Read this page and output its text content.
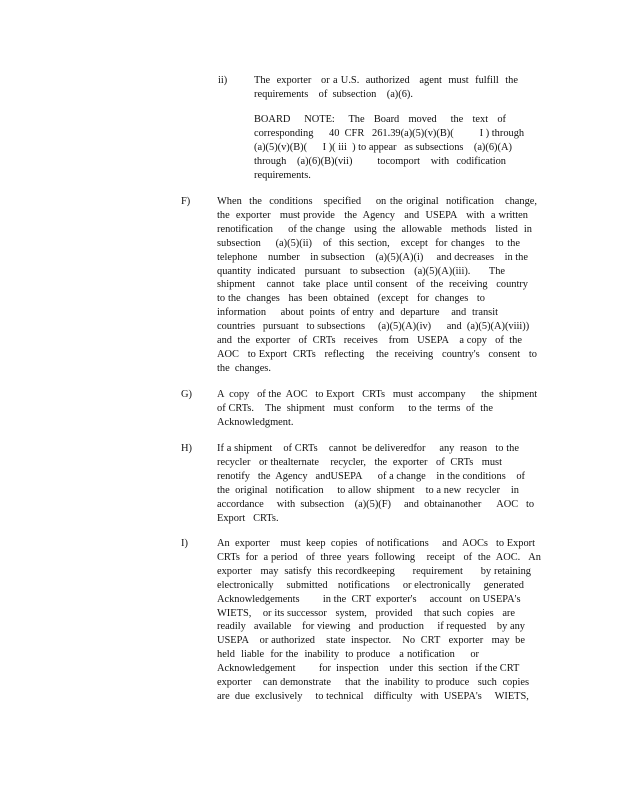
ii)	The  exporter   or a U.S.  authorized   agent  must  fulfill  the
requirements    of  subsection    (a)(6).
BOARD   NOTE:   The  Board  moved   the  text  of
corresponding      40  CFR   261.39(a)(5)(v)(B)(          I ) through
(a)(5)(v)(B)(      I )( iii  ) to appear   as subsections    (a)(6)(A)
through   (a)(6)(B)(vii)       tocomport   with  codification
requirements.
F)	When  the  conditions   specified    on the original  notification   change,
the  exporter   must provide   the  Agency   and  USEPA   with  a written
renotification     of the change   using  the  allowable   methods   listed  in
subsection    (a)(5)(ii)   of  this section,   except  for changes   to the
telephone    number    in subsection    (a)(5)(A)(i)     and decreases    in the
quantity  indicated   pursuant   to subsection   (a)(5)(A)(iii).      The
shipment    cannot   take  place  until consent   of  the  receiving   country
to the  changes   has  been  obtained   (except   for  changes   to
information     about  points  of entry  and  departure    and  transit
countries   pursuant   to subsections     (a)(5)(A)(iv)      and  (a)(5)(A)(viii))
and  the  exporter   of  CRTs   receives    from   USEPA    a copy   of  the
AOC   to Export  CRTs   reflecting    the  receiving   country's   consent   to
the  changes.
G) A  copy   of the  AOC   to Export   CRTs   must  accompany      the  shipment
of CRTs.    The  shipment   must  conform     to the  terms  of  the
Acknowledgment.
H) If a shipment    of CRTs    cannot  be deliveredfor     any  reason   to the
recycler   or thealternate    recycler,   the  exporter   of  CRTs   must
renotify   the  Agency   andUSEPA      of a change    in the conditions    of
the  original   notification     to allow  shipment    to a new  recycler    in
accordance     with  subsection    (a)(5)(F)     and  obtainanother      AOC   to
Export   CRTs.
I)	An  exporter    must  keep  copies   of notifications     and  AOCs   to Export
CRTs  for  a period   of  three  years  following    receipt   of  the  AOC.   An
exporter   may  satisfy  this recordkeeping      requirement      by retaining
electronically     submitted    notifications     or electronically     generated
Acknowledgements         in the  CRT  exporter's     account   on USEPA's
WIETS,    or its successor   system,   provided    that such  copies   are
readily   available    for viewing   and  production     if requested    by any
USEPA    or authorized    state  inspector.    No  CRT   exporter   may  be
held  liable  for the  inability  to produce   a notification     or
Acknowledgement         for  inspection    under  this  section   if the CRT
exporter    can demonstrate     that  the  inability  to produce   such  copies
are  due  exclusively     to technical    difficulty   with  USEPA's     WIETS,
